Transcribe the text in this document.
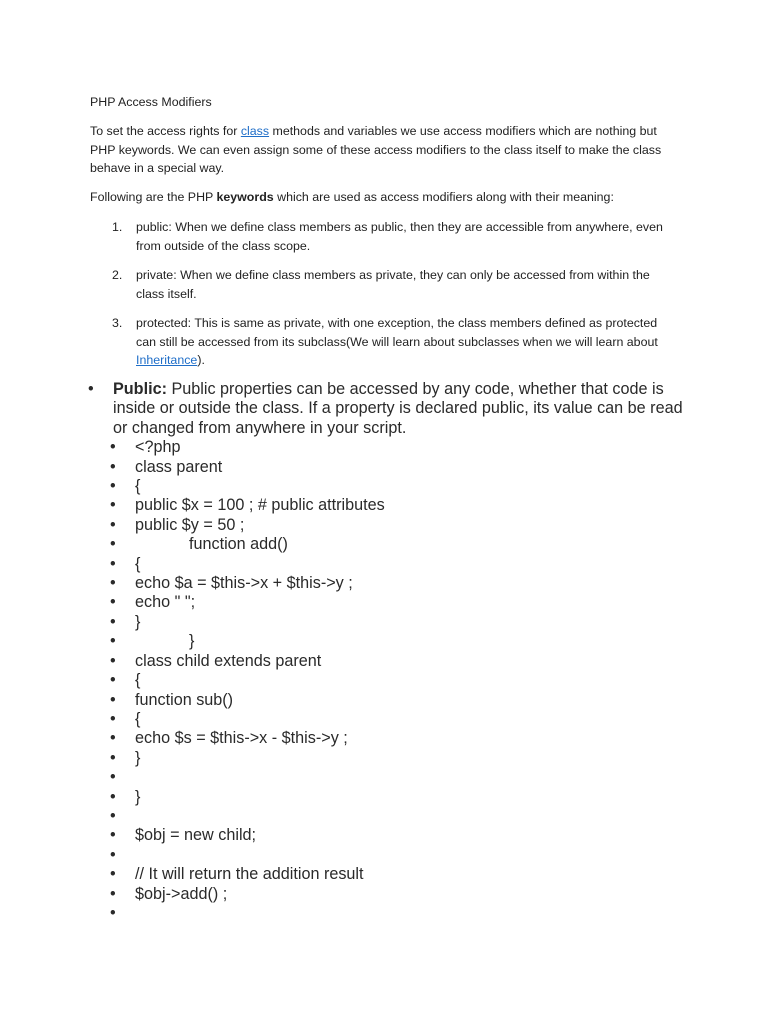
PHP Access Modifiers

To set the access rights for class methods and variables we use access modifiers which are nothing but PHP keywords. We can even assign some of these access modifiers to the class itself to make the class behave in a special way.

Following are the PHP keywords which are used as access modifiers along with their meaning:

1. public: When we define class members as public, then they are accessible from anywhere, even from outside of the class scope.
2. private: When we define class members as private, they can only be accessed from within the class itself.
3. protected: This is same as private, with one exception, the class members defined as protected can still be accessed from its subclass(We will learn about subclasses when we will learn about Inheritance).
• Public: Public properties can be accessed by any code, whether that code is inside or outside the class. If a property is declared public, its value can be read or changed from anywhere in your script.
• <?php
• class parent
• {
• public $x = 100 ; # public attributes
• public $y = 50 ;
• function add()
• {
• echo $a = $this->x + $this->y ;
• echo " ";
• }
• }
• class child extends parent
• {
• function sub()
• {
• echo $s = $this->x - $this->y ;
• }
•
• }
•
• $obj = new child;
•
• // It will return the addition result
• $obj->add() ;
•
